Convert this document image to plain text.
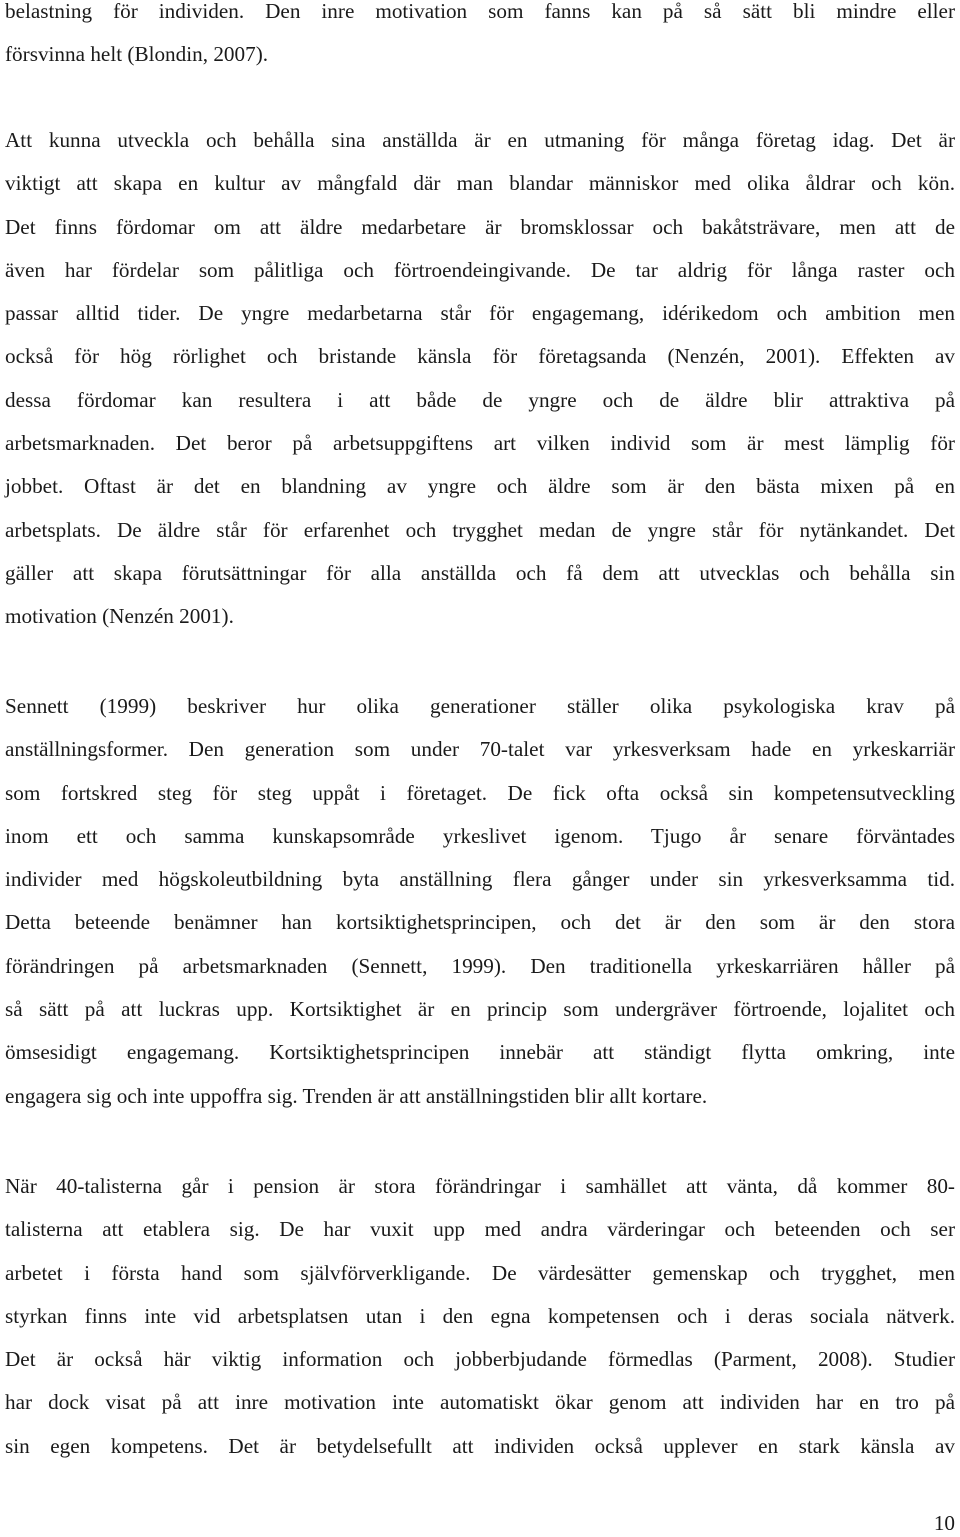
belastning för individen. Den inre motivation som fanns kan på så sätt bli mindre eller
försvinna helt (Blondin, 2007).
Att kunna utveckla och behålla sina anställda är en utmaning för många företag idag. Det är
viktigt att skapa en kultur av mångfald där man blandar människor med olika åldrar och kön.
Det finns fördomar om att äldre medarbetare är bromsklossar och bakåtsträvare, men att de
även har fördelar som pålitliga och förtroendeingivande. De tar aldrig för långa raster och
passar alltid tider. De yngre medarbetarna står för engagemang, idérikedom och ambition men
också för hög rörlighet och bristande känsla för företagsanda (Nenzén, 2001). Effekten av
dessa fördomar kan resultera i att både de yngre och de äldre blir attraktiva på
arbetsmarknaden. Det beror på arbetsuppgiftens art vilken individ som är mest lämplig för
jobbet. Oftast är det en blandning av yngre och äldre som är den bästa mixen på en
arbetsplats. De äldre står för erfarenhet och trygghet medan de yngre står för nytänkandet. Det
gäller att skapa förutsättningar för alla anställda och få dem att utvecklas och behålla sin
motivation (Nenzén 2001).
Sennett (1999) beskriver hur olika generationer ställer olika psykologiska krav på
anställningsformer. Den generation som under 70-talet var yrkesverksam hade en yrkeskarriär
som fortskred steg för steg uppåt i företaget. De fick ofta också sin kompetensutveckling
inom ett och samma kunskapsområde yrkeslivet igenom. Tjugo år senare förväntades
individer med högskoleutbildning byta anställning flera gånger under sin yrkesverksamma tid.
Detta beteende benämner han kortsiktighetsprincipen, och det är den som är den stora
förändringen på arbetsmarknaden (Sennett, 1999). Den traditionella yrkeskarriären håller på
så sätt på att luckras upp. Kortsiktighet är en princip som undergräver förtroende, lojalitet och
ömsesidigt engagemang. Kortsiktighetsprincipen innebär att ständigt flytta omkring, inte
engagera sig och inte uppoffra sig. Trenden är att anställningstiden blir allt kortare.
När 40-talisterna går i pension är stora förändringar i samhället att vänta, då kommer 80-
talisterna att etablera sig. De har vuxit upp med andra värderingar och beteenden och ser
arbetet i första hand som självförverkligande. De värdesätter gemenskap och trygghet, men
styrkan finns inte vid arbetsplatsen utan i den egna kompetensen och i deras sociala nätverk.
Det är också här viktig information och jobberbjudande förmedlas (Parment, 2008). Studier
har dock visat på att inre motivation inte automatiskt ökar genom att individen har en tro på
sin egen kompetens. Det är betydelsefullt att individen också upplever en stark känsla av
10
